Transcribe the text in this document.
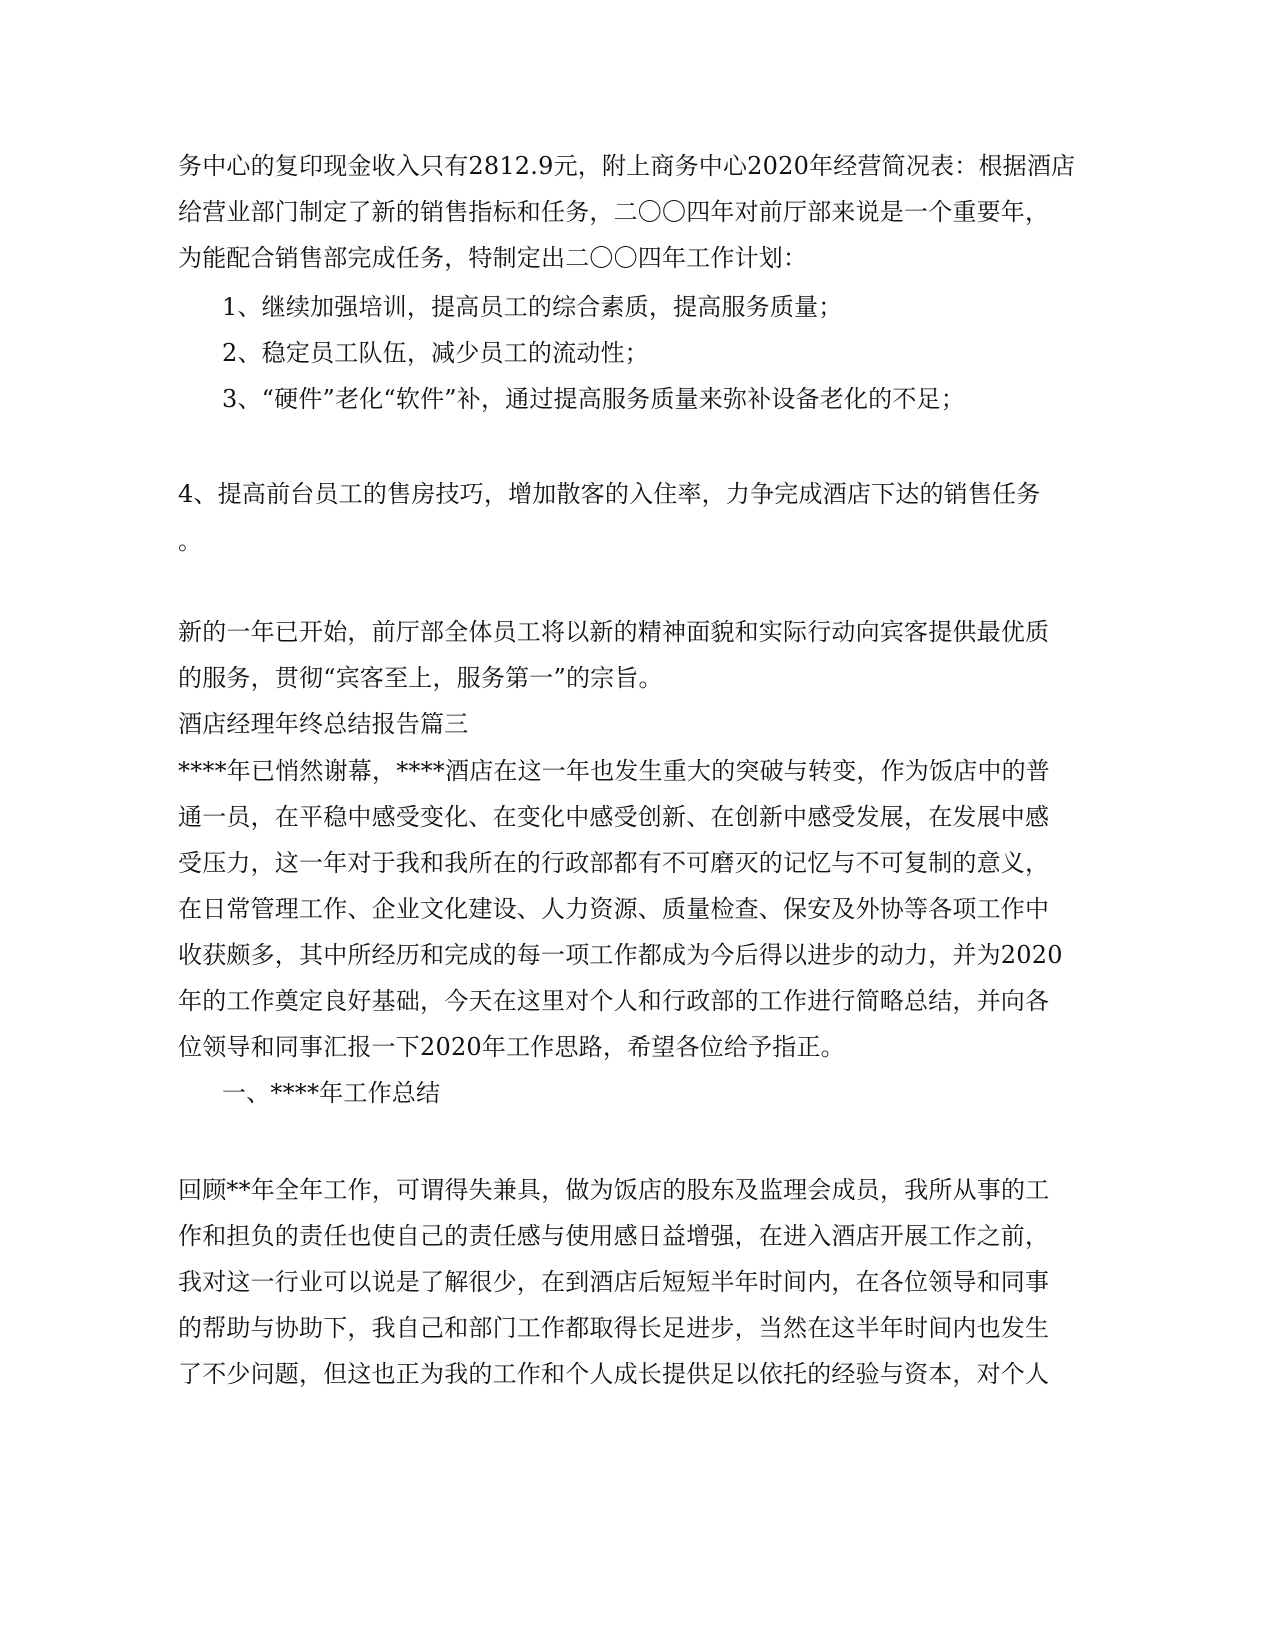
务中心的复印现金收入只有2812.9元，附上商务中心2020年经营简况表：根据酒店
给营业部门制定了新的销售指标和任务，二〇〇四年对前厅部来说是一个重要年，
为能配合销售部完成任务，特制定出二〇〇四年工作计划：
1、继续加强培训，提高员工的综合素质，提高服务质量；
2、稳定员工队伍，减少员工的流动性；
3、“硬件”老化“软件”补，通过提高服务质量来弥补设备老化的不足；
4、提高前台员工的售房技巧，增加散客的入住率，力争完成酒店下达的销售任务
。
新的一年已开始，前厅部全体员工将以新的精神面貌和实际行动向宾客提供最优质
的服务，贯彻“宾客至上，服务第一”的宗旨。
酒店经理年终总结报告篇三
****年已悄然谢幕，****酒店在这一年也发生重大的突破与转变，作为饭店中的普
通一员，在平稳中感受变化、在变化中感受创新、在创新中感受发展，在发展中感
受压力，这一年对于我和我所在的行政部都有不可磨灭的记忆与不可复制的意义，
在日常管理工作、企业文化建设、人力资源、质量检查、保安及外协等各项工作中
收获颇多，其中所经历和完成的每一项工作都成为今后得以进步的动力，并为2020
年的工作奠定良好基础，今天在这里对个人和行政部的工作进行简略总结，并向各
位领导和同事汇报一下2020年工作思路，希望各位给予指正。
一、****年工作总结
回顾**年全年工作，可谓得失兼具，做为饭店的股东及监理会成员，我所从事的工
作和担负的责任也使自己的责任感与使用感日益增强，在进入酒店开展工作之前，
我对这一行业可以说是了解很少，在到酒店后短短半年时间内，在各位领导和同事
的帮助与协助下，我自己和部门工作都取得长足进步，当然在这半年时间内也发生
了不少问题，但这也正为我的工作和个人成长提供足以依托的经验与资本，对个人
